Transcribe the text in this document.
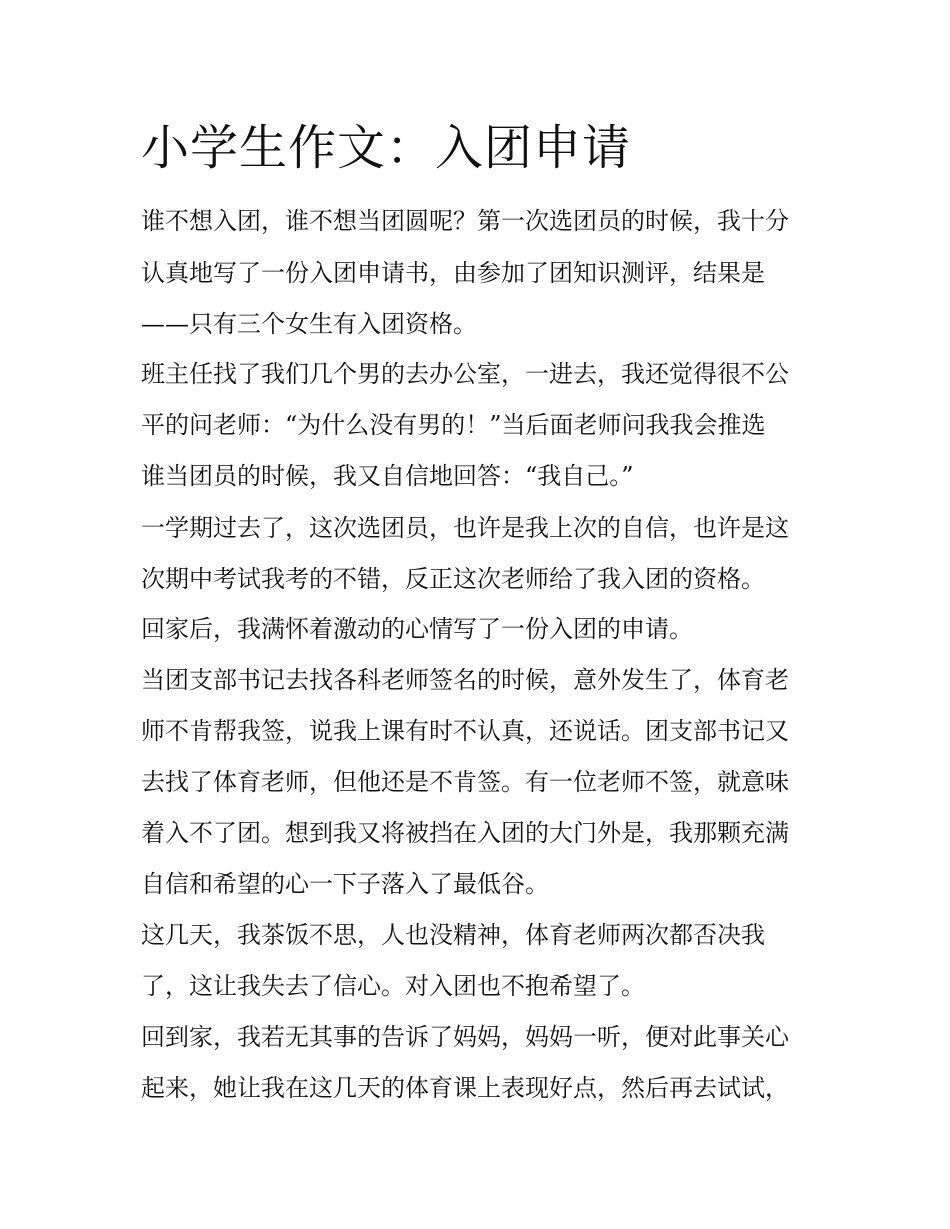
小学生作文：入团申请
谁不想入团，谁不想当团圆呢？第一次选团员的时候，我十分
认真地写了一份入团申请书，由参加了团知识测评，结果是
——只有三个女生有入团资格。
班主任找了我们几个男的去办公室，一进去，我还觉得很不公
平的问老师：“为什么没有男的！”当后面老师问我我会推选
谁当团员的时候，我又自信地回答：“我自己。”
一学期过去了，这次选团员，也许是我上次的自信，也许是这
次期中考试我考的不错，反正这次老师给了我入团的资格。
回家后，我满怀着激动的心情写了一份入团的申请。
当团支部书记去找各科老师签名的时候，意外发生了，体育老
师不肯帮我签，说我上课有时不认真，还说话。团支部书记又
去找了体育老师，但他还是不肯签。有一位老师不签，就意味
着入不了团。想到我又将被挡在入团的大门外是，我那颗充满
自信和希望的心一下子落入了最低谷。
这几天，我茶饭不思，人也没精神，体育老师两次都否决我
了，这让我失去了信心。对入团也不抱希望了。
回到家，我若无其事的告诉了妈妈，妈妈一听，便对此事关心
起来，她让我在这几天的体育课上表现好点，然后再去试试，
